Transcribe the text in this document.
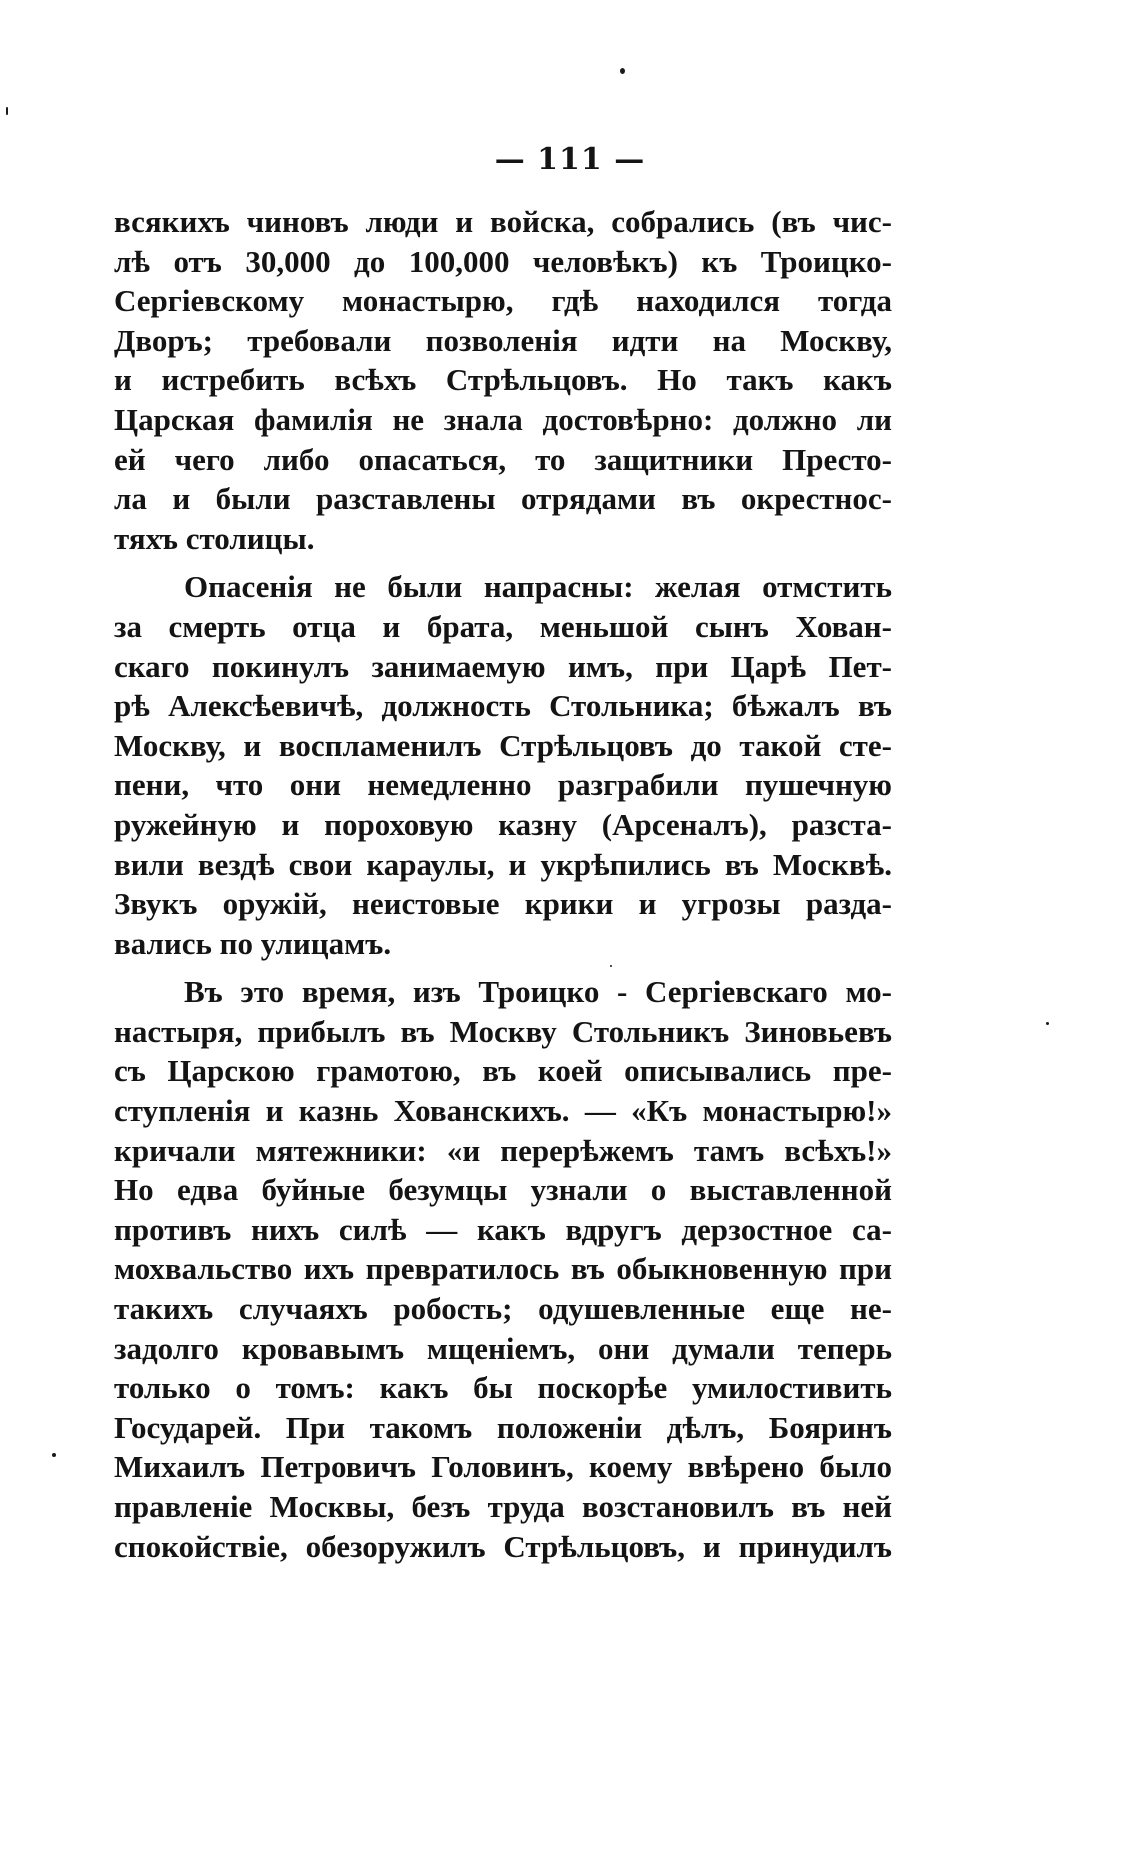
— 111 —
всякихъ чиновъ люди и войска, собрались (въ чис-
лѣ отъ 30,000 до 100,000 человѣкъ) къ Троицко-
Сергіевскому монастырю, гдѣ находился тогда
Дворъ; требовали позволенія идти на Москву,
и истребить всѣхъ Стрѣльцовъ. Но такъ какъ
Царская фамилія не знала достовѣрно: должно ли
ей чего либо опасаться, то защитники Престо-
ла и были разставлены отрядами въ окрестнос-
тяхъ столицы.
Опасенія не были напрасны: желая отмстить
за смерть отца и брата, меньшой сынъ Хован-
скаго покинулъ занимаемую имъ, при Царѣ Пет-
рѣ Алексѣевичѣ, должность Стольника; бѣжалъ въ
Москву, и воспламенилъ Стрѣльцовъ до такой сте-
пени, что они немедленно разграбили пушечную
ружейную и пороховую казну (Арсеналъ), разста-
вили вездѣ свои караулы, и укрѣпились въ Москвѣ.
Звукъ оружій, неистовые крики и угрозы разда-
вались по улицамъ.
Въ это время, изъ Троицко - Сергіевскаго мо-
настыря, прибылъ въ Москву Стольникъ Зиновьевъ
съ Царскою грамотою, въ коей описывались пре-
ступленія и казнь Хованскихъ. — «Къ монастырю!»
кричали мятежники: «и перерѣжемъ тамъ всѣхъ!»
Но едва буйные безумцы узнали о выставленной
противъ нихъ силѣ — какъ вдругъ дерзостное са-
мохвальство ихъ превратилось въ обыкновенную при
такихъ случаяхъ робость; одушевленные еще не-
задолго кровавымъ мщеніемъ, они думали теперь
только о томъ: какъ бы поскорѣе умилостивить
Государей. При такомъ положеніи дѣлъ, Бояринъ
Михаилъ Петровичъ Головинъ, коему ввѣрено было
правленіе Москвы, безъ труда возстановилъ въ ней
спокойствіе, обезоружилъ Стрѣльцовъ, и принудилъ
